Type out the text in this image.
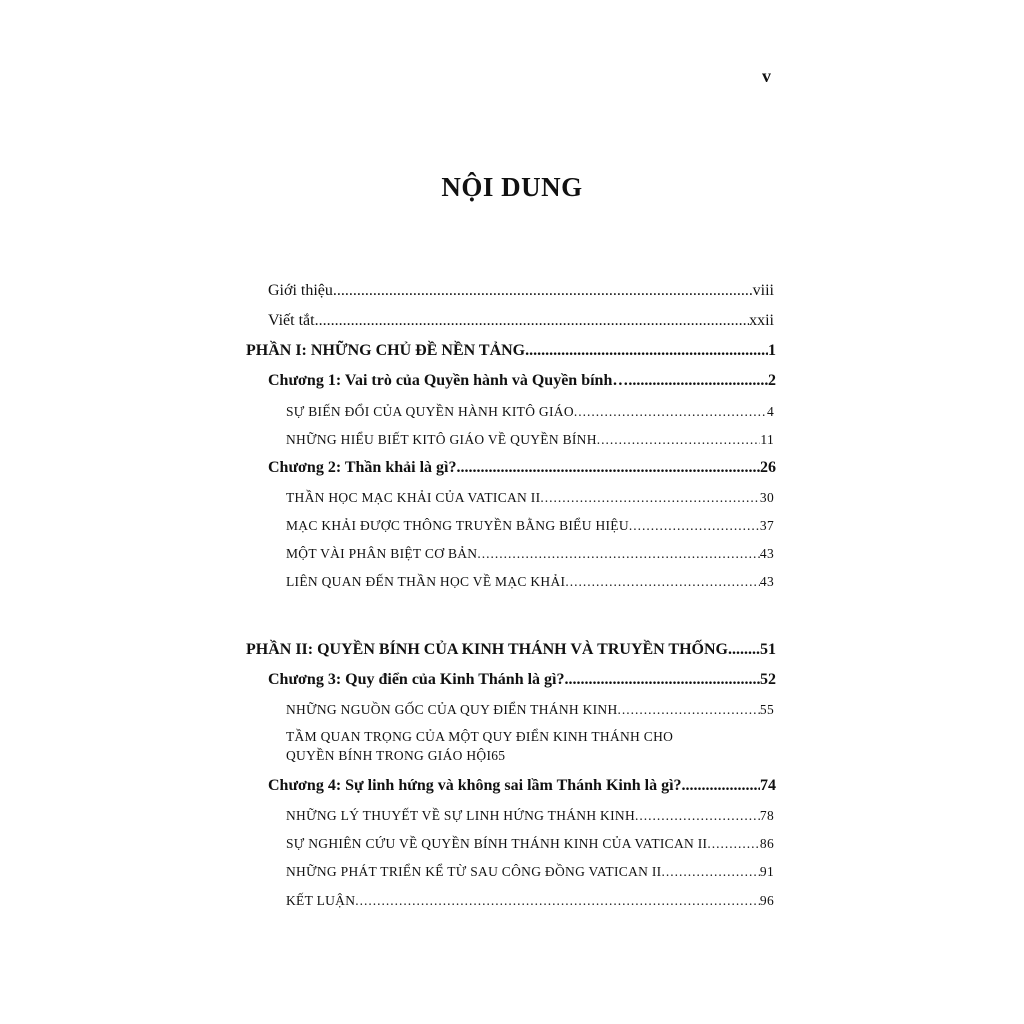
v
NỘI DUNG
Giới thiệu .....	viii
Viết tắt .....	xxii
PHẦN I: NHỮNG CHỦ ĐỀ NỀN TẢNG .....	1
Chương 1: Vai trò của Quyền hành và Quyền bính… .....	2
SỰ BIẾN ĐỔI CỦA QUYỀN HÀNH KITÔ GIÁO .....	4
NHỮNG HIỂU BIẾT KITÔ GIÁO VỀ QUYỀN BÍNH .....	11
Chương 2: Thần khải là gì? .....	26
THẦN HỌC MẠC KHẢI CỦA VATICAN II .....	30
MẠC KHẢI ĐƯỢC THÔNG TRUYỀN BẰNG BIỂU HIỆU .....	37
MỘT VÀI PHÂN BIỆT CƠ BẢN .....	43
LIÊN QUAN ĐẾN THẦN HỌC VỀ MẠC KHẢI .....	43
PHẦN II: QUYỀN BÍNH CỦA KINH THÁNH VÀ TRUYỀN THỐNG ..... 51
Chương 3: Quy điển của Kinh Thánh là gì? .....	52
NHỮNG NGUỒN GỐC CỦA QUY ĐIỂN THÁNH KINH .....	55
TẦM QUAN TRỌNG CỦA MỘT QUY ĐIỂN KINH THÁNH CHO
QUYỀN BÍNH TRONG GIÁO HỘI 65
Chương 4: Sự linh hứng và không sai lầm Thánh Kinh là gì? .....	74
NHỮNG LÝ THUYẾT VỀ SỰ LINH HỨNG THÁNH KINH .....	78
SỰ NGHIÊN CỨU VỀ QUYỀN BÍNH THÁNH KINH CỦA VATICAN II .....	86
NHỮNG PHÁT TRIỂN KỂ TỪ SAU CÔNG ĐỒNG VATICAN II .....	91
KẾT LUẬN .....	96
